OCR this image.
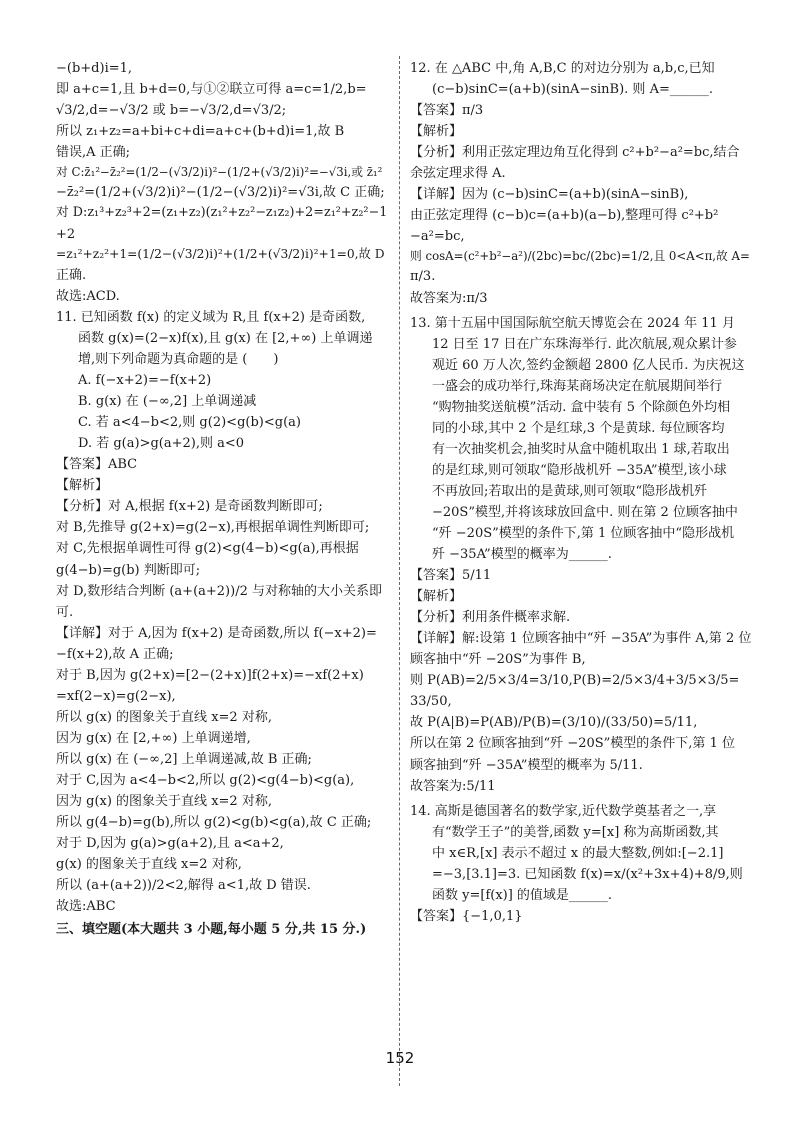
−(b+d)i=1,
即 a+c=1,且 b+d=0,与①②联立可得 a=c=1/2,b=
√3/2,d=−√3/2 或 b=−√3/2,d=√3/2;
所以 z₁+z₂=a+bi+c+di=a+c+(b+d)i=1,故 B
错误,A 正确;
对 C:z̄₁²−z̄₂²=(1/2−(√3/2)i)²−(1/2+(√3/2)i)²=−√3i,或 z̄₁²
−z̄₂²=(1/2+(√3/2)i)²−(1/2−(√3/2)i)²=√3i,故 C 正确;
对 D:z₁³+z₂³+2=(z₁+z₂)(z₁²+z₂²−z₁z₂)+2=z₁²+z₂²−1
+2
=z₁²+z₂²+1=(1/2−(√3/2)i)²+(1/2+(√3/2)i)²+1=0,故 D
正确.
故选:ACD.
11. 已知函数 f(x) 的定义域为 R,且 f(x+2) 是奇函数,
函数 g(x)=(2−x)f(x),且 g(x) 在 [2,+∞) 上单调递
增,则下列命题为真命题的是 (　　)
A. f(−x+2)=−f(x+2)
B. g(x) 在 (−∞,2] 上单调递减
C. 若 a<4−b<2,则 g(2)<g(b)<g(a)
D. 若 g(a)>g(a+2),则 a<0
【答案】ABC
【解析】
【分析】对 A,根据 f(x+2) 是奇函数判断即可;
对 B,先推导 g(2+x)=g(2−x),再根据单调性判断即可;
对 C,先根据单调性可得 g(2)<g(4−b)<g(a),再根据
g(4−b)=g(b) 判断即可;
对 D,数形结合判断 (a+(a+2))/2 与对称轴的大小关系即
可.
【详解】对于 A,因为 f(x+2) 是奇函数,所以 f(−x+2)=
−f(x+2),故 A 正确;
对于 B,因为 g(2+x)=[2−(2+x)]f(2+x)=−xf(2+x)
=xf(2−x)=g(2−x),
所以 g(x) 的图象关于直线 x=2 对称,
因为 g(x) 在 [2,+∞) 上单调递增,
所以 g(x) 在 (−∞,2] 上单调递减,故 B 正确;
对于 C,因为 a<4−b<2,所以 g(2)<g(4−b)<g(a),
因为 g(x) 的图象关于直线 x=2 对称,
所以 g(4−b)=g(b),所以 g(2)<g(b)<g(a),故 C 正确;
对于 D,因为 g(a)>g(a+2),且 a<a+2,
g(x) 的图象关于直线 x=2 对称,
所以 (a+(a+2))/2<2,解得 a<1,故 D 错误.
故选:ABC
三、填空题(本大题共 3 小题,每小题 5 分,共 15 分.)
12. 在 △ABC 中,角 A,B,C 的对边分别为 a,b,c,已知
(c−b)sinC=(a+b)(sinA−sinB). 则 A=______.
【答案】π/3
【解析】
【分析】利用正弦定理边角互化得到 c²+b²−a²=bc,结合
余弦定理求得 A.
【详解】因为 (c−b)sinC=(a+b)(sinA−sinB),
由正弦定理得 (c−b)c=(a+b)(a−b),整理可得 c²+b²
−a²=bc,
则 cosA=(c²+b²−a²)/(2bc)=bc/(2bc)=1/2,且 0<A<π,故 A=
π/3.
故答案为:π/3
13. 第十五届中国国际航空航天博览会在 2024 年 11 月
12 日至 17 日在广东珠海举行. 此次航展,观众累计参
观近 60 万人次,签约金额超 2800 亿人民币. 为庆祝这
一盛会的成功举行,珠海某商场决定在航展期间举行
“购物抽奖送航模”活动. 盒中装有 5 个除颜色外均相
同的小球,其中 2 个是红球,3 个是黄球. 每位顾客均
有一次抽奖机会,抽奖时从盒中随机取出 1 球,若取出
的是红球,则可领取“隐形战机歼 −35A”模型,该小球
不再放回;若取出的是黄球,则可领取“隐形战机歼
−20S”模型,并将该球放回盒中. 则在第 2 位顾客抽中
“歼 −20S”模型的条件下,第 1 位顾客抽中“隐形战机
歼 −35A”模型的概率为______.
【答案】5/11
【解析】
【分析】利用条件概率求解.
【详解】解:设第 1 位顾客抽中“歼 −35A”为事件 A,第 2 位
顾客抽中“歼 −20S”为事件 B,
则 P(AB)=2/5×3/4=3/10,P(B)=2/5×3/4+3/5×3/5=
33/50,
故 P(A|B)=P(AB)/P(B)=(3/10)/(33/50)=5/11,
所以在第 2 位顾客抽到“歼 −20S”模型的条件下,第 1 位
顾客抽到“歼 −35A”模型的概率为 5/11.
故答案为:5/11
14. 高斯是德国著名的数学家,近代数学奠基者之一,享
有“数学王子”的美誉,函数 y=[x] 称为高斯函数,其
中 x∈R,[x] 表示不超过 x 的最大整数,例如:[−2.1]
=−3,[3.1]=3. 已知函数 f(x)=x/(x²+3x+4)+8/9,则
函数 y=[f(x)] 的值域是______.
【答案】{−1,0,1}
152
